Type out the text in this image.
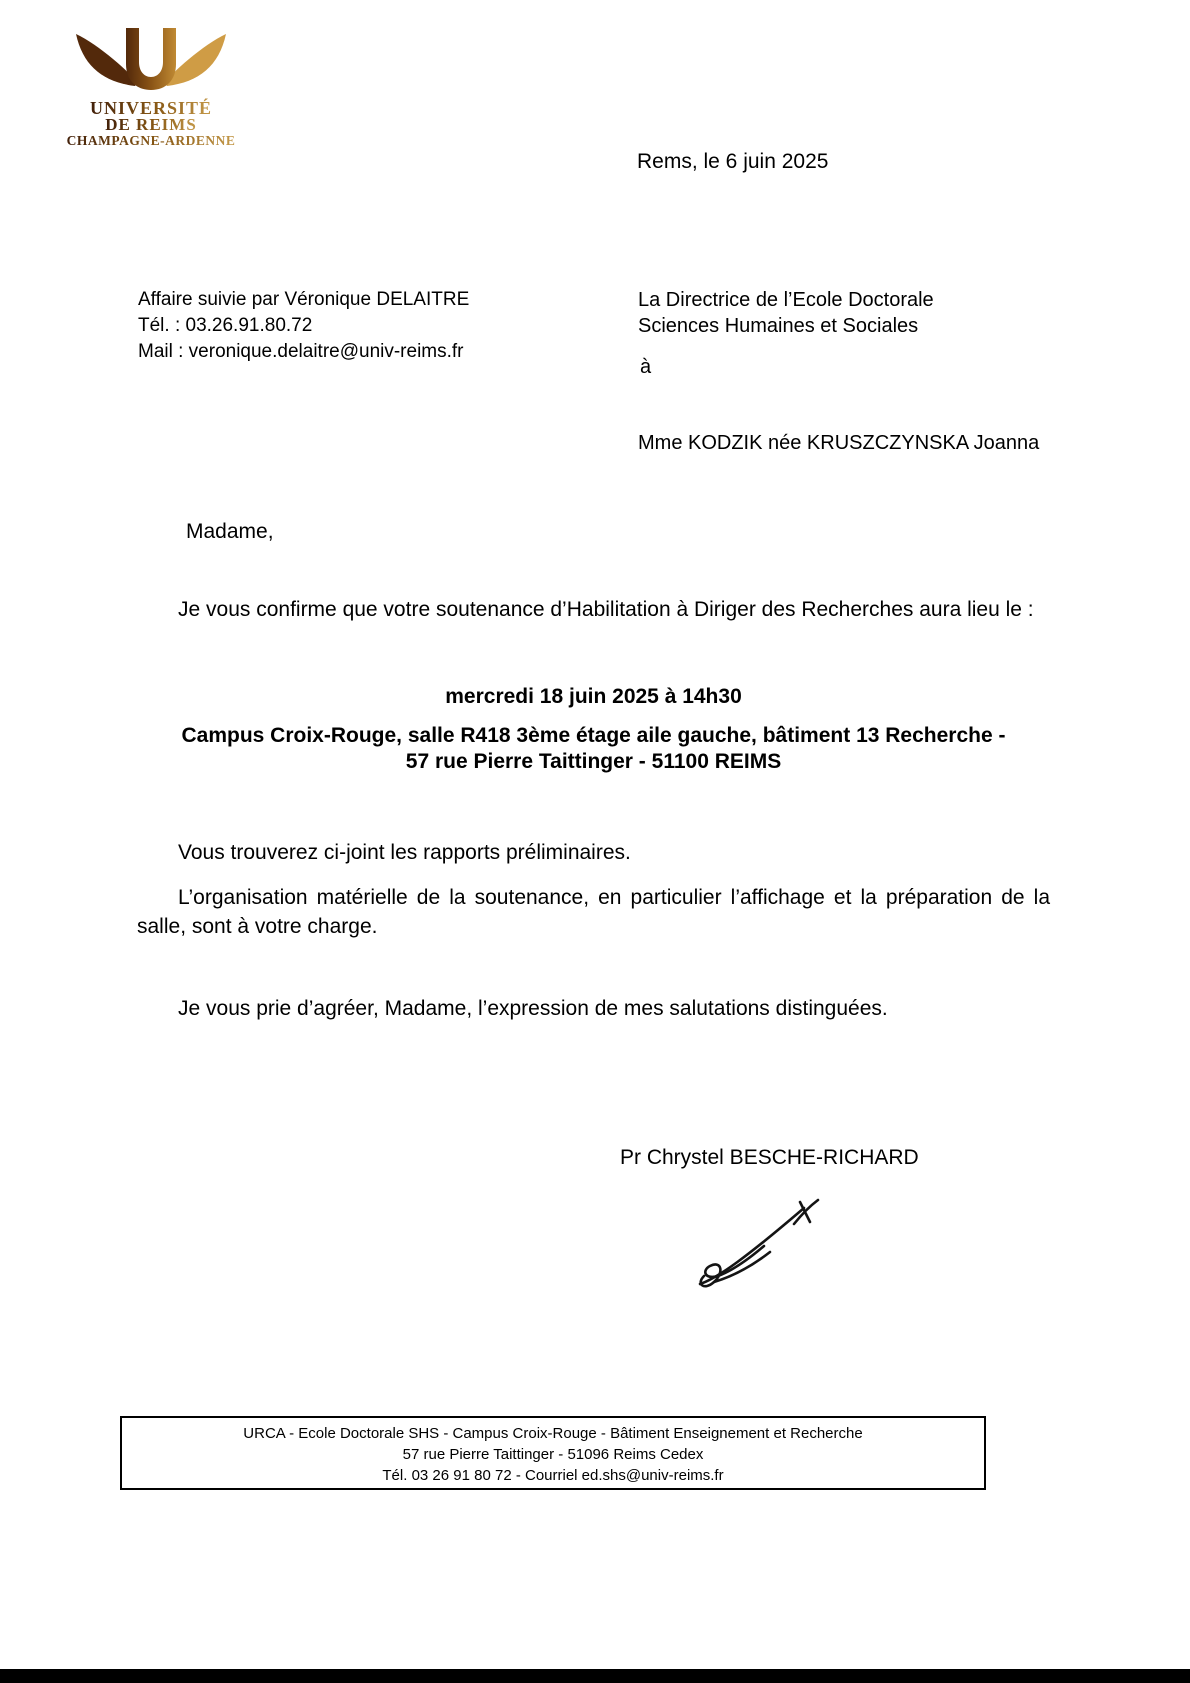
UNIVERSITÉ
DE REIMS
CHAMPAGNE-ARDENNE
Rems, le 6 juin 2025
Affaire suivie par Véronique DELAITRE
Tél. : 03.26.91.80.72
Mail : veronique.delaitre@univ-reims.fr
La Directrice de l’Ecole Doctorale
Sciences Humaines et Sociales
à
Mme KODZIK née KRUSZCZYNSKA Joanna
Madame,
Je vous confirme que votre soutenance d’Habilitation à Diriger des Recherches aura lieu le :
mercredi 18 juin 2025 à 14h30
Campus Croix-Rouge, salle R418 3ème étage aile gauche, bâtiment 13 Recherche -
57 rue Pierre Taittinger - 51100 REIMS
Vous trouverez ci-joint les rapports préliminaires.
L’organisation matérielle de la soutenance, en particulier l’affichage et la préparation de la salle, sont à votre charge.
Je vous prie d’agréer, Madame, l’expression de mes salutations distinguées.
Pr Chrystel BESCHE-RICHARD
URCA - Ecole Doctorale SHS - Campus Croix-Rouge - Bâtiment Enseignement et Recherche
57 rue Pierre Taittinger - 51096 Reims Cedex
Tél. 03 26 91 80 72 - Courriel ed.shs@univ-reims.fr
